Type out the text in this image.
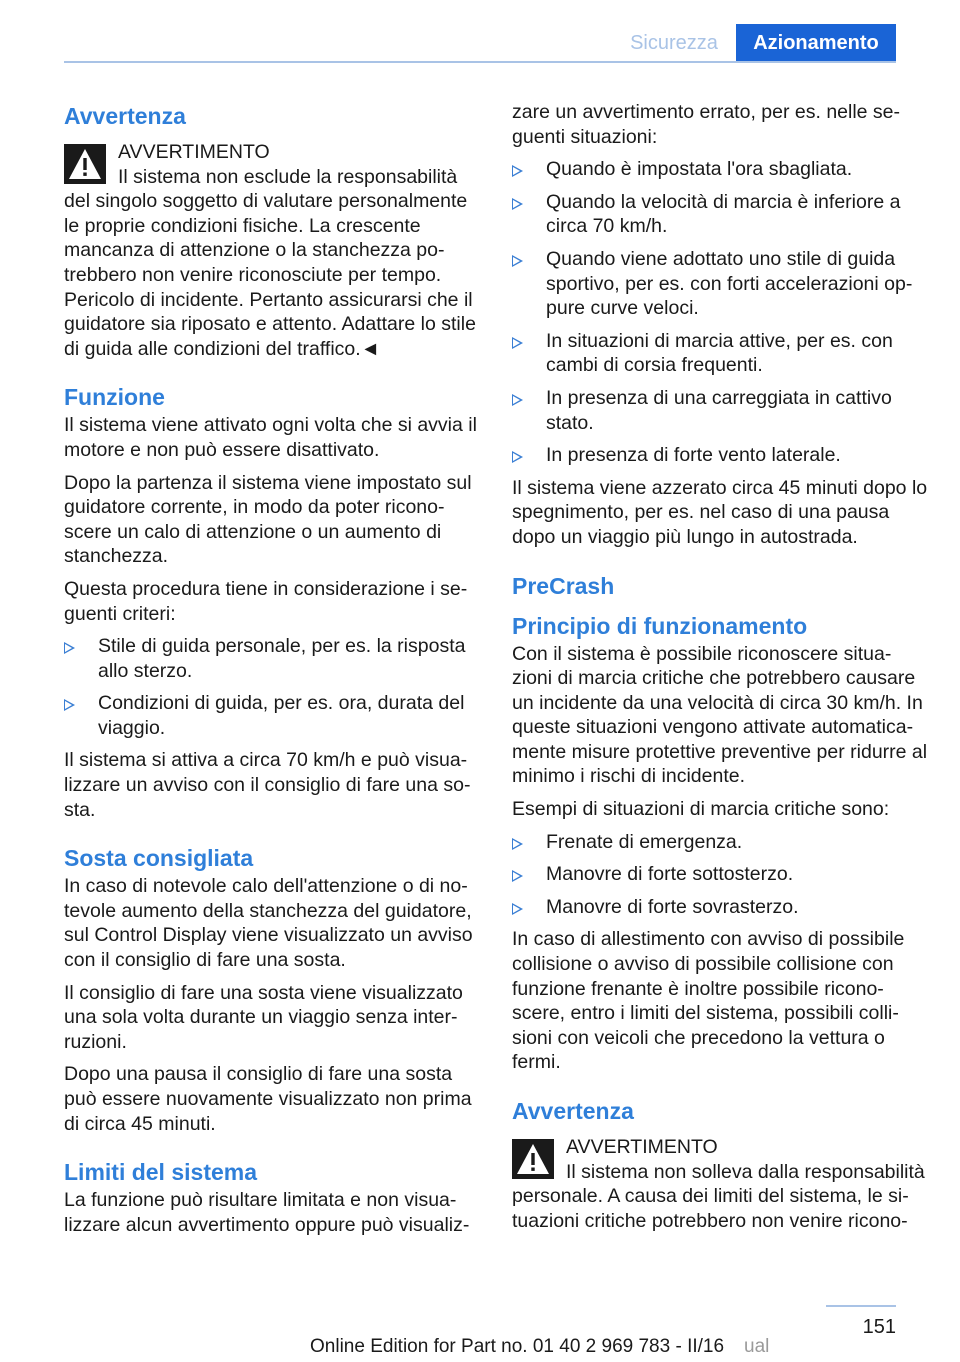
Sicurezza	Azionamento
Avvertenza

AVVERTIMENTO

Il sistema non esclude la responsabilità del singolo soggetto di valutare personalmente le proprie condizioni fisiche. La crescente mancanza di attenzione o la stanchezza po-trebbero non venire riconosciute per tempo. Pericolo di incidente. Pertanto assicurarsi che il guidatore sia riposato e attento. Adattare lo stile di guida alle condizioni del traffico.◄

Funzione

Il sistema viene attivato ogni volta che si avvia il motore e non può essere disattivato.

Dopo la partenza il sistema viene impostato sul guidatore corrente, in modo da poter ricono-scere un calo di attenzione o un aumento di stanchezza.

Questa procedura tiene in considerazione i se-guenti criteri:

Stile di guida personale, per es. la risposta allo sterzo.
Condizioni di guida, per es. ora, durata del viaggio.

Il sistema si attiva a circa 70 km/h e può visua-lizzare un avviso con il consiglio di fare una so-sta.

Sosta consigliata

In caso di notevole calo dell'attenzione o di no-tevole aumento della stanchezza del guidatore, sul Control Display viene visualizzato un avviso con il consiglio di fare una sosta.

Il consiglio di fare una sosta viene visualizzato una sola volta durante un viaggio senza inter-ruzioni.

Dopo una pausa il consiglio di fare una sosta può essere nuovamente visualizzato non prima di circa 45 minuti.

Limiti del sistema

La funzione può risultare limitata e non visua-lizzare alcun avvertimento oppure può visualiz-

zare un avvertimento errato, per es. nelle se-guenti situazioni:

Quando è impostata l'ora sbagliata.
Quando la velocità di marcia è inferiore a circa 70 km/h.
Quando viene adottato uno stile di guida sportivo, per es. con forti accelerazioni op-pure curve veloci.
In situazioni di marcia attive, per es. con cambi di corsia frequenti.
In presenza di una carreggiata in cattivo stato.
In presenza di forte vento laterale.

Il sistema viene azzerato circa 45 minuti dopo lo spegnimento, per es. nel caso di una pausa dopo un viaggio più lungo in autostrada.

PreCrash
Principio di funzionamento

Con il sistema è possibile riconoscere situa-zioni di marcia critiche che potrebbero causare un incidente da una velocità di circa 30 km/h. In queste situazioni vengono attivate automatica-mente misure protettive preventive per ridurre al minimo i rischi di incidente.

Esempi di situazioni di marcia critiche sono:

Frenate di emergenza.
Manovre di forte sottosterzo.
Manovre di forte sovrasterzo.

In caso di allestimento con avviso di possibile collisione o avviso di possibile collisione con funzione frenante è inoltre possibile ricono-scere, entro i limiti del sistema, possibili colli-sioni con veicoli che precedono la vettura o fermi.

Avvertenza

AVVERTIMENTO

Il sistema non solleva dalla responsabilità personale. A causa dei limiti del sistema, le si-tuazioni critiche potrebbero non venire ricono-

151
Online Edition for Part no. 01 40 2 969 783 - II/16	ual
